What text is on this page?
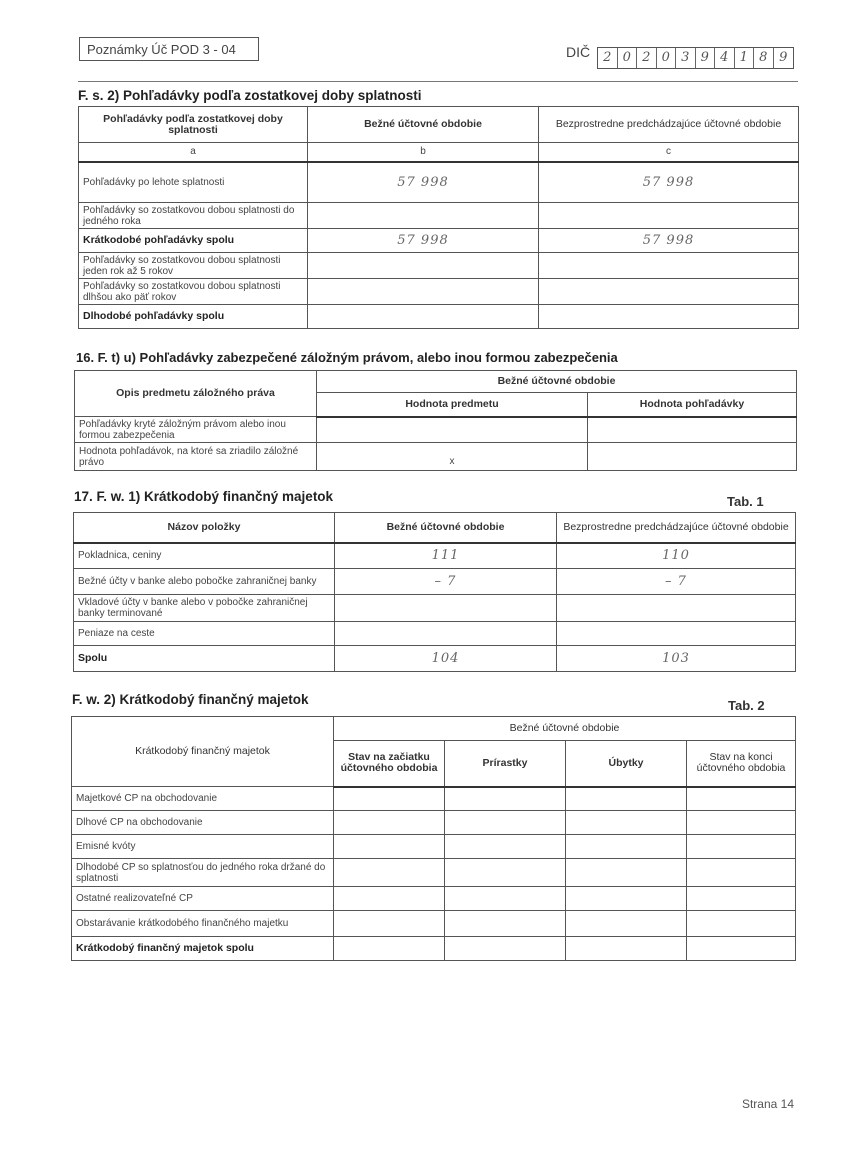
Poznámky Úč POD 3 - 04	DIČ 2 0 2 0 3 9 4 1 8 9
F. s. 2) Pohľadávky podľa zostatkovej doby splatnosti
Pohľadávky podľa zostatkovej doby splatnosti	Bežné účtovné obdobie	Bezprostredne predchádzajúce účtovné obdobie
a	b	c
Pohľadávky po lehote splatnosti	57 998	57 998
Pohľadávky so zostatkovou dobou splatnosti do jedného roka		
Krátkodobé pohľadávky spolu	57 998	57 998
Pohľadávky so zostatkovou dobou splatnosti jeden rok až 5 rokov		
Pohľadávky so zostatkovou dobou splatnosti dlhšou ako päť rokov		
Dlhodobé pohľadávky spolu		
16. F. t) u) Pohľadávky zabezpečené záložným právom, alebo inou formou zabezpečenia
Opis predmetu záložného práva	Bežné účtovné obdobie	
	Hodnota predmetu	Hodnota pohľadávky
Pohľadávky kryté záložným právom alebo inou formou zabezpečenia		
Hodnota pohľadávok, na ktoré sa zriadilo záložné právo	x	
17. F. w. 1) Krátkodobý finančný majetok	Tab. 1
Názov položky	Bežné účtovné obdobie	Bezprostredne predchádzajúce účtovné obdobie
Pokladnica, ceniny	111	110
Bežné účty v banke alebo pobočke zahraničnej banky	– 7	– 7
Vkladové účty v banke alebo v pobočke zahraničnej banky terminované		
Peniaze na ceste		
Spolu	104	103
F. w. 2) Krátkodobý finančný majetok	Tab. 2
Krátkodobý finančný majetok	Bežné účtovné obdobie			
	Stav na začiatku účtovného obdobia	Prírastky	Úbytky	Stav na konci účtovného obdobia
Majetkové CP na obchodovanie				
Dlhové CP na obchodovanie				
Emisné kvóty				
Dlhodobé CP so splatnosťou do jedného roka držané do splatnosti				
Ostatné realizovateľné CP				
Obstarávanie krátkodobého finančného majetku				
Krátkodobý finančný majetok spolu				
Strana 14
